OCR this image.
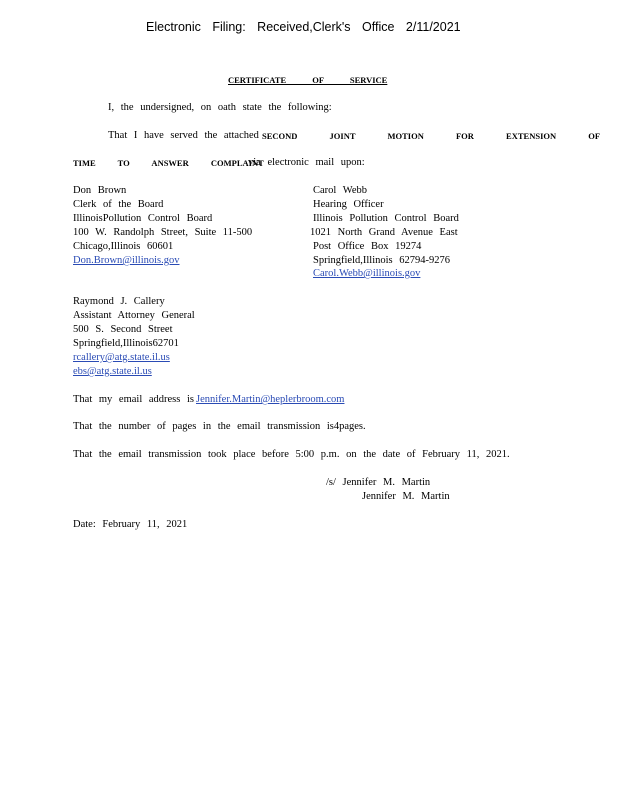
Electronic Filing: Received,Clerk's Office 2/11/2021
CERTIFICATE OF SERVICE
I, the undersigned, on oath state the following:
That I have served the attached SECOND JOINT MOTION FOR EXTENSION OF
TIME TO ANSWER COMPLAINT
via electronic mail upon:
Don Brown
Clerk of the Board
IllinoisPollution Control Board
100 W. Randolph Street, Suite 11-500
Chicago,Illinois 60601
Don.Brown@illinois.gov
Carol Webb
Hearing Officer
Illinois Pollution Control Board
1021 North Grand Avenue East
Post Office Box 19274
Springfield,Illinois 62794-9276
Carol.Webb@illinois.gov
Raymond J. Callery
Assistant Attorney General
500 S. Second Street
Springfield,Illinois62701
rcallery@atg.state.il.us
ebs@atg.state.il.us
That my email address is Jennifer.Martin@heplerbroom.com
That the number of pages in the email transmission is4pages.
That the email transmission took place before 5:00 p.m. on the date of February 11, 2021.
/s/ Jennifer M. Martin
Jennifer M. Martin
Date: February 11, 2021
